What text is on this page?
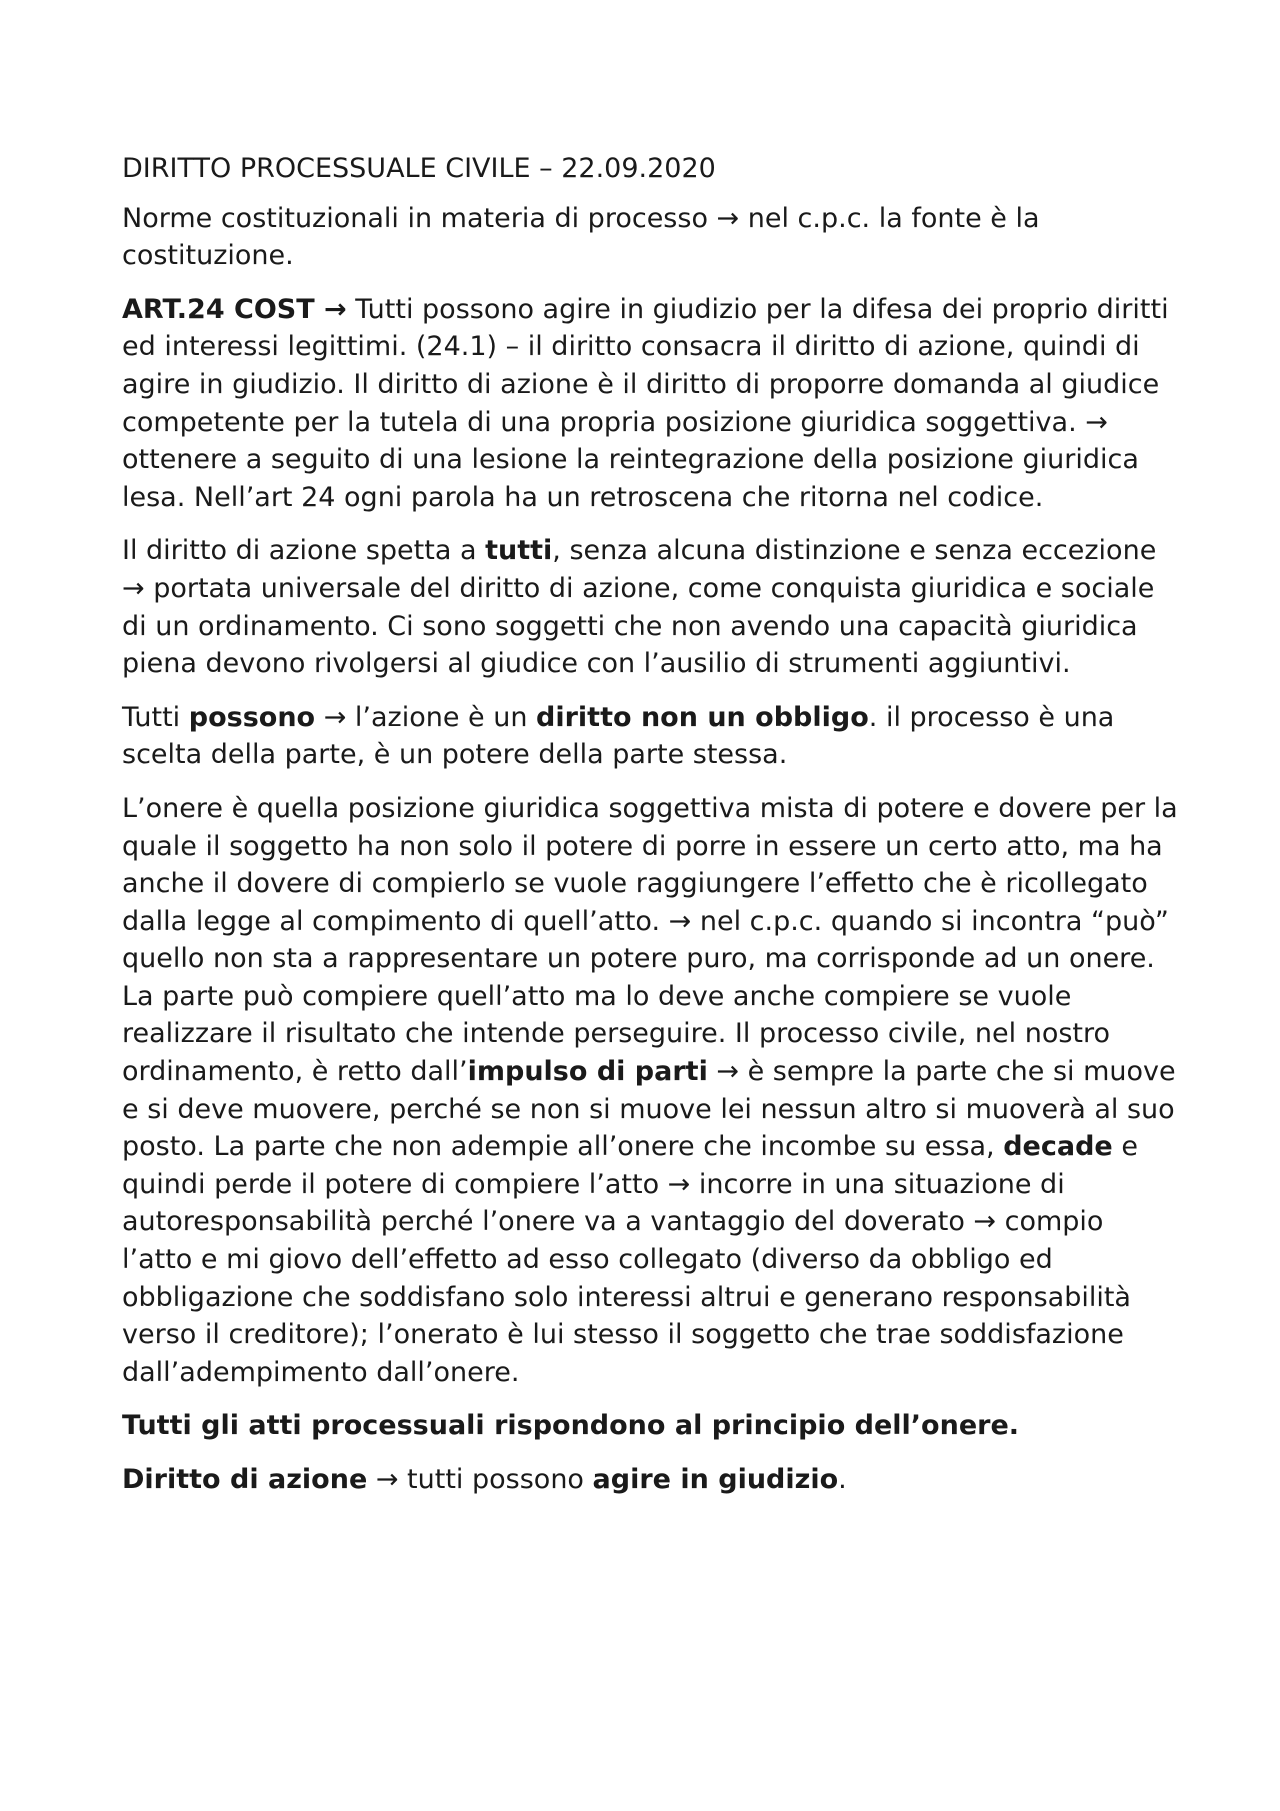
DIRITTO PROCESSUALE CIVILE – 22.09.2020
Norme costituzionali in materia di processo → nel c.p.c. la fonte è la costituzione.
ART.24 COST → Tutti possono agire in giudizio per la difesa dei proprio diritti ed interessi legittimi. (24.1) – il diritto consacra il diritto di azione, quindi di agire in giudizio. Il diritto di azione è il diritto di proporre domanda al giudice competente per la tutela di una propria posizione giuridica soggettiva. → ottenere a seguito di una lesione la reintegrazione della posizione giuridica lesa. Nell’art 24 ogni parola ha un retroscena che ritorna nel codice.
Il diritto di azione spetta a tutti, senza alcuna distinzione e senza eccezione → portata universale del diritto di azione, come conquista giuridica e sociale di un ordinamento. Ci sono soggetti che non avendo una capacità giuridica piena devono rivolgersi al giudice con l’ausilio di strumenti aggiuntivi.
Tutti possono → l’azione è un diritto non un obbligo. il processo è una scelta della parte, è un potere della parte stessa.
L’onere è quella posizione giuridica soggettiva mista di potere e dovere per la quale il soggetto ha non solo il potere di porre in essere un certo atto, ma ha anche il dovere di compierlo se vuole raggiungere l’effetto che è ricollegato dalla legge al compimento di quell’atto. → nel c.p.c. quando si incontra “può” quello non sta a rappresentare un potere puro, ma corrisponde ad un onere. La parte può compiere quell’atto ma lo deve anche compiere se vuole realizzare il risultato che intende perseguire. Il processo civile, nel nostro ordinamento, è retto dall’impulso di parti → è sempre la parte che si muove e si deve muovere, perché se non si muove lei nessun altro si muoverà al suo posto. La parte che non adempie all’onere che incombe su essa, decade e quindi perde il potere di compiere l’atto → incorre in una situazione di autoresponsabilità perché l’onere va a vantaggio del doverato → compio l’atto e mi giovo dell’effetto ad esso collegato (diverso da obbligo ed obbligazione che soddisfano solo interessi altrui e generano responsabilità verso il creditore); l’onerato è lui stesso il soggetto che trae soddisfazione dall’adempimento dall’onere.
Tutti gli atti processuali rispondono al principio dell’onere.
Diritto di azione → tutti possono agire in giudizio.
